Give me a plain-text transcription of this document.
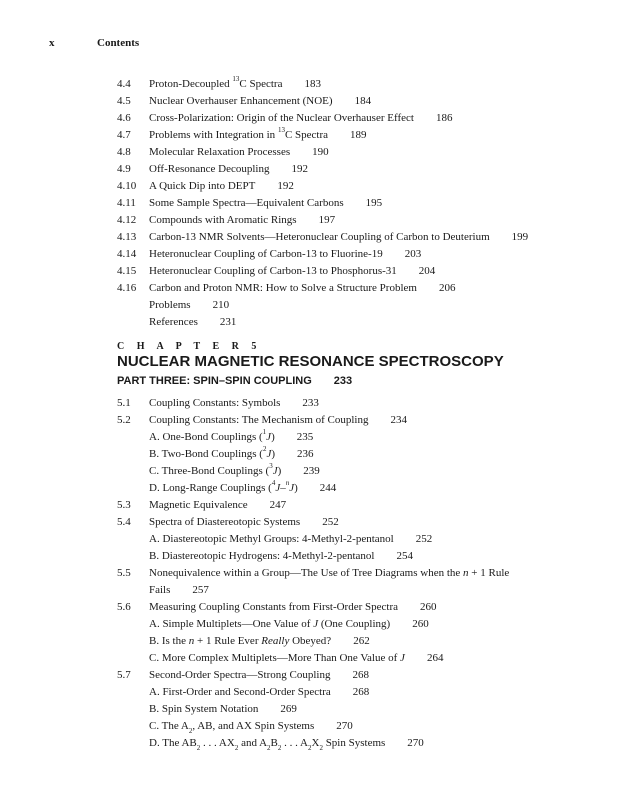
x	Contents
C H A P T E R 5
NUCLEAR MAGNETIC RESONANCE SPECTROSCOPY
PART THREE: SPIN–SPIN COUPLING 233
4.4 Proton-Decoupled $^{13}$C Spectra 183
4.5 Nuclear Overhauser Enhancement (NOE) 184
4.6 Cross-Polarization: Origin of the Nuclear Overhauser Effect 186
4.7 Problems with Integration in $^{13}$C Spectra 189
4.8 Molecular Relaxation Processes 190
4.9 Off-Resonance Decoupling 192
4.10 A Quick Dip into DEPT 192
4.11 Some Sample Spectra—Equivalent Carbons 195
4.12 Compounds with Aromatic Rings 197
4.13 Carbon-13 NMR Solvents—Heteronuclear Coupling of Carbon to Deuterium 199
4.14 Heteronuclear Coupling of Carbon-13 to Fluorine-19 203
4.15 Heteronuclear Coupling of Carbon-13 to Phosphorus-31 204
4.16 Carbon and Proton NMR: How to Solve a Structure Problem 206
Problems 210
References 231
5.1 Coupling Constants: Symbols 233
5.2 Coupling Constants: The Mechanism of Coupling 234
A. One-Bond Couplings ($^1$J) 235
B. Two-Bond Couplings ($^2$J) 236
C. Three-Bond Couplings ($^3$J) 239
D. Long-Range Couplings ($^4$J–$^n$J) 244
5.3 Magnetic Equivalence 247
5.4 Spectra of Diastereotopic Systems 252
A. Diastereotopic Methyl Groups: 4-Methyl-2-pentanol 252
B. Diastereotopic Hydrogens: 4-Methyl-2-pentanol 254
5.5 Nonequivalence within a Group—The Use of Tree Diagrams when the n + 1 Rule
Fails 257
5.6 Measuring Coupling Constants from First-Order Spectra 260
A. Simple Multiplets—One Value of J (One Coupling) 260
B. Is the n + 1 Rule Ever Really Obeyed? 262
C. More Complex Multiplets—More Than One Value of J 264
5.7 Second-Order Spectra—Strong Coupling 268
A. First-Order and Second-Order Spectra 268
B. Spin System Notation 269
C. The $A_2$, AB, and AX Spin Systems 270
D. The $AB_2$ . . . $AX_2$ and $A_2B_2$ . . . $A_2X_2$ Spin Systems 270
